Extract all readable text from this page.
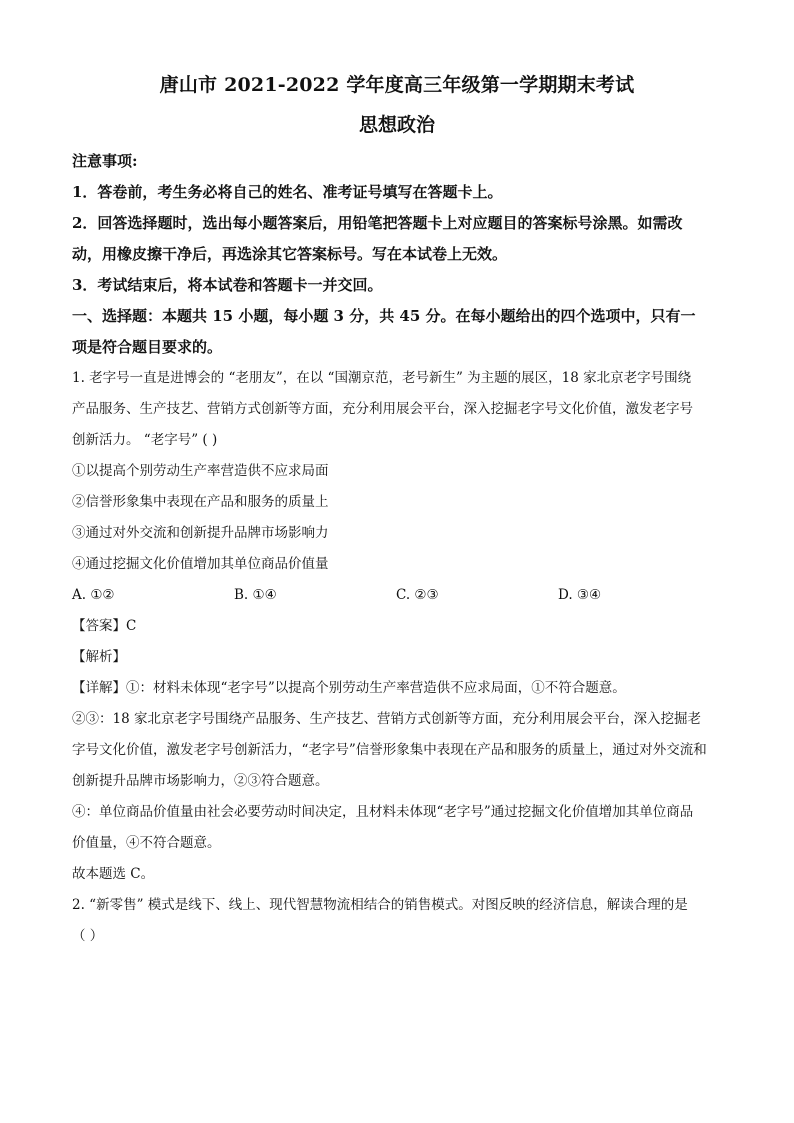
唐山市 2021-2022 学年度高三年级第一学期期末考试
思想政治

注意事项:

1．答卷前，考生务必将自己的姓名、准考证号填写在答题卡上。

2．回答选择题时，选出每小题答案后，用铅笔把答题卡上对应题目的答案标号涂黑。如需改

动，用橡皮擦干净后，再选涂其它答案标号。写在本试卷上无效。

3．考试结束后，将本试卷和答题卡一并交回。

一、选择题：本题共 15 小题，每小题 3 分，共 45 分。在每小题给出的四个选项中，只有一

项是符合题目要求的。

1. 老字号一直是进博会的 “老朋友”，在以 “国潮京范，老号新生” 为主题的展区，18 家北京老字号围绕

产品服务、生产技艺、营销方式创新等方面，充分利用展会平台，深入挖掘老字号文化价值，激发老字号

创新活力。 “老字号” ( )

①以提高个别劳动生产率营造供不应求局面

②信誉形象集中表现在产品和服务的质量上

③通过对外交流和创新提升品牌市场影响力

④通过挖掘文化价值增加其单位商品价值量

A. ①②	B. ①④	C. ②③	D. ③④

【答案】C

【解析】

【详解】①：材料未体现“老字号”以提高个别劳动生产率营造供不应求局面，①不符合题意。

②③：18 家北京老字号围绕产品服务、生产技艺、营销方式创新等方面，充分利用展会平台，深入挖掘老

字号文化价值，激发老字号创新活力，“老字号”信誉形象集中表现在产品和服务的质量上，通过对外交流和

创新提升品牌市场影响力，②③符合题意。

④：单位商品价值量由社会必要劳动时间决定，且材料未体现“老字号”通过挖掘文化价值增加其单位商品

价值量，④不符合题意。

故本题选 C。

2. “新零售” 模式是线下、线上、现代智慧物流相结合的销售模式。对图反映的经济信息，解读合理的是

（ ）
